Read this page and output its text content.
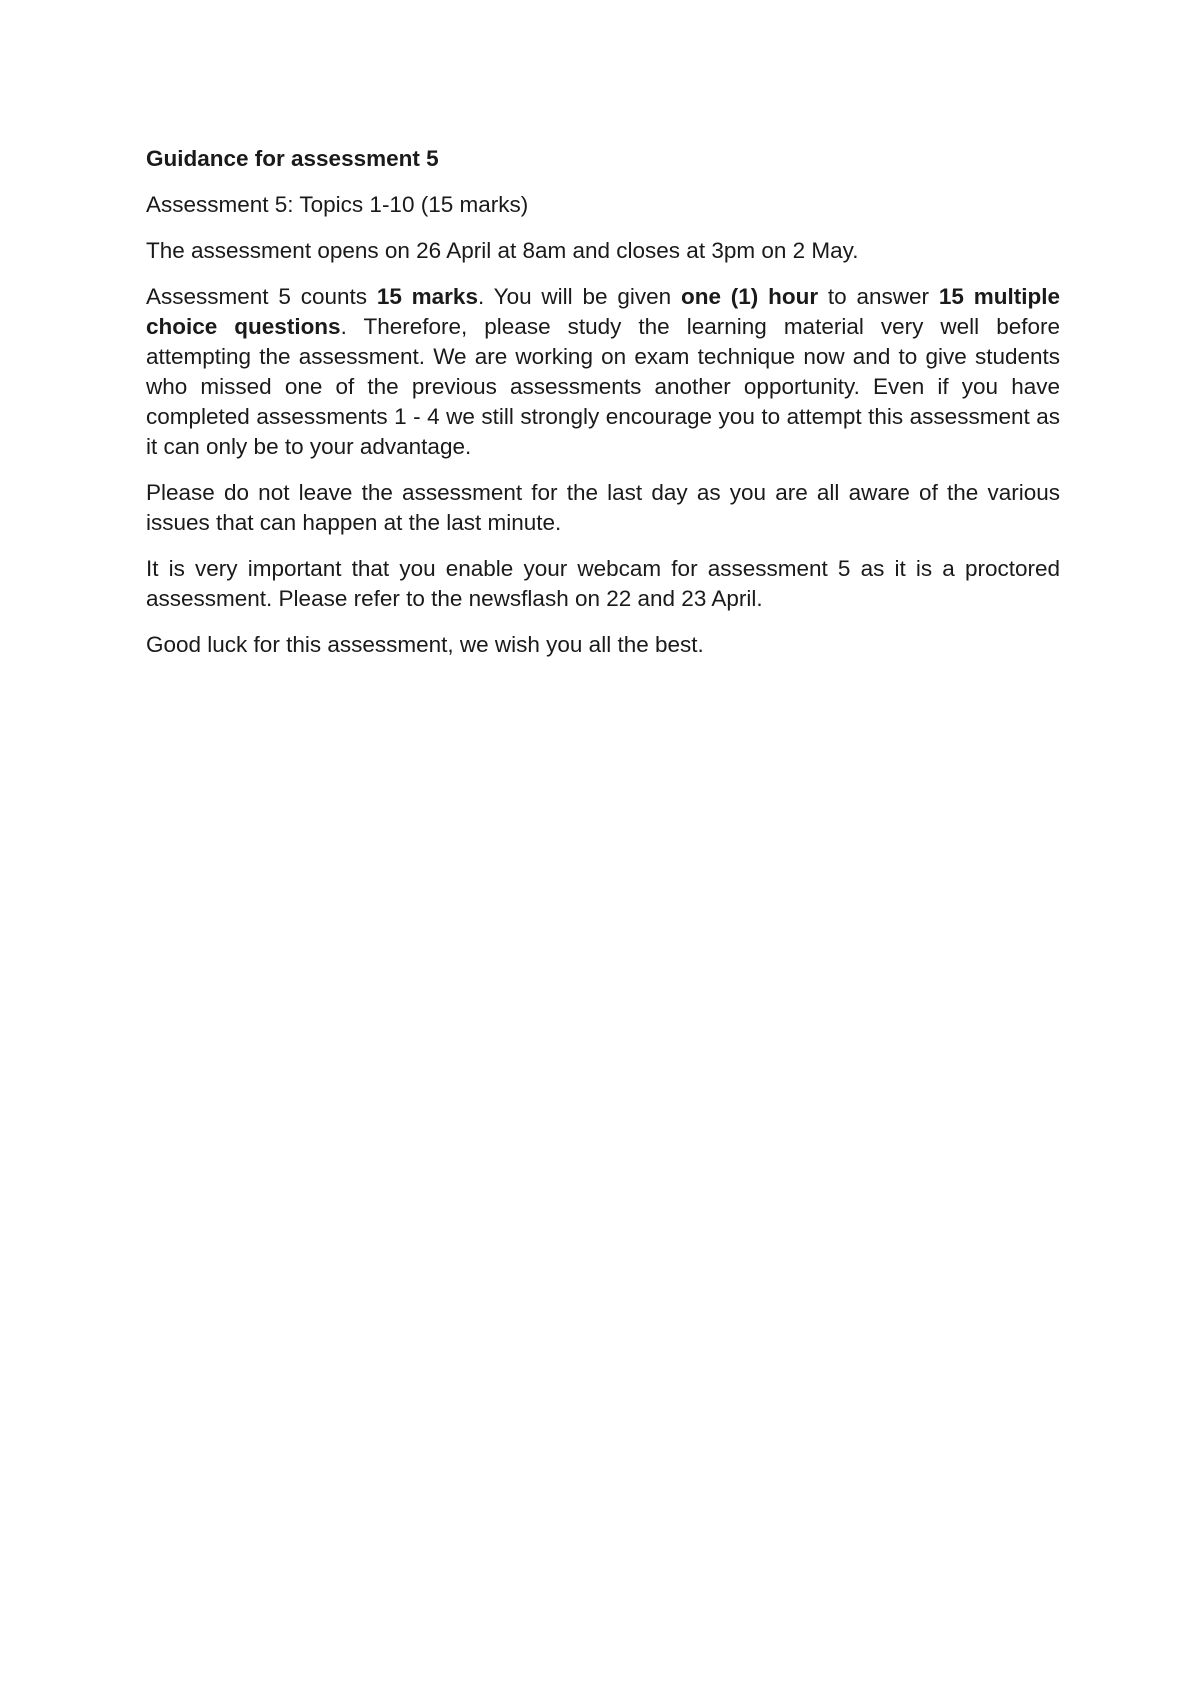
Guidance for assessment 5

Assessment 5: Topics 1-10 (15 marks)

The assessment opens on 26 April at 8am and closes at 3pm on 2 May.

Assessment 5 counts 15 marks. You will be given one (1) hour to answer 15 multiple choice questions. Therefore, please study the learning material very well before attempting the assessment. We are working on exam technique now and to give students who missed one of the previous assessments another opportunity. Even if you have completed assessments 1 - 4 we still strongly encourage you to attempt this assessment as it can only be to your advantage.

Please do not leave the assessment for the last day as you are all aware of the various issues that can happen at the last minute.

It is very important that you enable your webcam for assessment 5 as it is a proctored assessment. Please refer to the newsflash on 22 and 23 April.

Good luck for this assessment, we wish you all the best.
